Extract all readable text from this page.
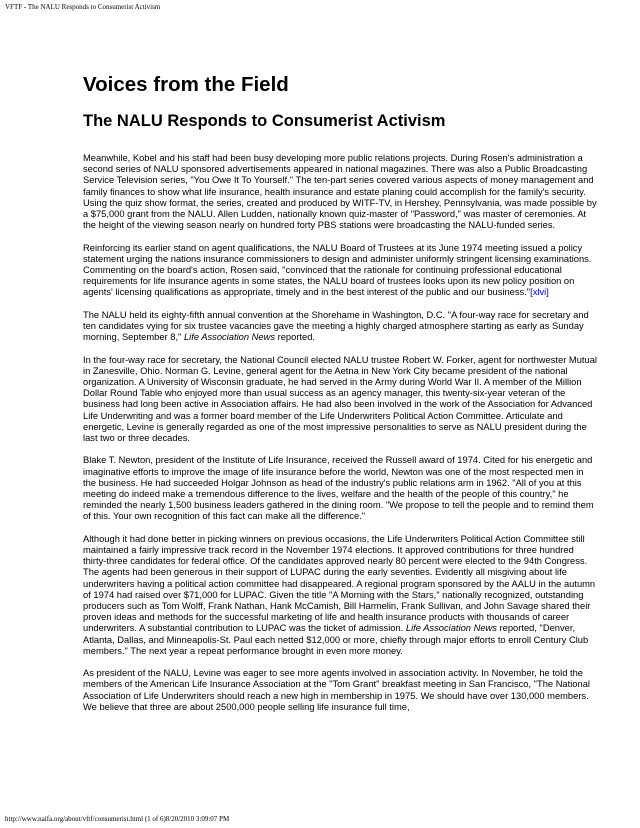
VFTF - The NALU Responds to Consumerist Activism
Voices from the Field
The NALU Responds to Consumerist Activism

Meanwhile, Kobel and his staff had been busy developing more public relations projects. During Rosen's administration a second series of NALU sponsored advertisements appeared in national magazines. There was also a Public Broadcasting Service Television series, "You Owe It To Yourself." The ten-part series covered various aspects of money management and family finances to show what life insurance, health insurance and estate planing could accomplish for the family's security. Using the quiz show format, the series, created and produced by WITF-TV, in Hershey, Pennsylvania, was made possible by a $75,000 grant from the NALU. Allen Ludden, nationally known quiz-master of "Password," was master of ceremonies. At the height of the viewing season nearly on hundred forty PBS stations were broadcasting the NALU-funded series.

Reinforcing its earlier stand on agent qualifications, the NALU Board of Trustees at its June 1974 meeting issued a policy statement urging the nations insurance commissioners to design and administer uniformly stringent licensing examinations. Commenting on the board's action, Rosen said, "convinced that the rationale for continuing professional educational requirements for life insurance agents in some states, the NALU board of trustees looks upon its new policy position on agents' licensing qualifications as appropriate, timely and in the best interest of the public and our business."[xlvi]

The NALU held its eighty-fifth annual convention at the Shorehame in Washington, D.C. "A four-way race for secretary and ten candidates vying for six trustee vacancies gave the meeting a highly charged atmosphere starting as early as Sunday morning, September 8," Life Association News reported.

In the four-way race for secretary, the National Council elected NALU trustee Robert W. Forker, agent for northwester Mutual in Zanesville, Ohio. Norman G. Levine, general agent for the Aetna in New York City became president of the national organization. A University of Wisconsin graduate, he had served in the Army during World War II. A member of the Million Dollar Round Table who enjoyed more than usual success as an agency manager, this twenty-six-year veteran of the business had long been active in Association affairs. He had also been involved in the work of the Association for Advanced Life Underwriting and was a former board member of the Life Underwriters Political Action Committee. Articulate and energetic, Levine is generally regarded as one of the most impressive personalities to serve as NALU president during the last two or three decades.

Blake T. Newton, president of the Institute of Life Insurance, received the Russell award of 1974. Cited for his energetic and imaginative efforts to improve the image of life insurance before the world, Newton was one of the most respected men in the business. He had succeeded Holgar Johnson as head of the industry's public relations arm in 1962. "All of you at this meeting do indeed make a tremendous difference to the lives, welfare and the health of the people of this country," he reminded the nearly 1,500 business leaders gathered in the dining room. "We propose to tell the people and to remind them of this. Your own recognition of this fact can make all the difference."

Although it had done better in picking winners on previous occasions, the Life Underwriters Political Action Committee still maintained a fairly impressive track record in the November 1974 elections. It approved contributions for three hundred thirty-three candidates for federal office. Of the candidates approved nearly 80 percent were elected to the 94th Congress. The agents had been generous in their support of LUPAC during the early seventies. Evidently all misgiving about life underwriters having a political action committee had disappeared. A regional program sponsored by the AALU in the autumn of 1974 had raised over $71,000 for LUPAC. Given the title "A Morning with the Stars," nationally recognized, outstanding producers such as Tom Wolff, Frank Nathan, Hank McCamish, Bill Harmelin, Frank Sullivan, and John Savage shared their proven ideas and methods for the successful marketing of life and health insurance products with thousands of career underwriters. A substantial contribution to LUPAC was the ticket of admission. Life Association News reported, "Denver, Atlanta, Dallas, and Minneapolis-St. Paul each netted $12,000 or more, chiefly through major efforts to enroll Century Club members." The next year a repeat performance brought in even more money.

As president of the NALU, Levine was eager to see more agents involved in association activity. In November, he told the members of the American Life Insurance Association at the "Tom Grant" breakfast meeting in San Francisco, "The National Association of Life Underwriters should reach a new high in membership in 1975. We should have over 130,000 members. We believe that three are about 2500,000 people selling life insurance full time,

http://www.naifa.org/about/vftf/consumerist.html (1 of 6)8/20/2010 3:09:07 PM
